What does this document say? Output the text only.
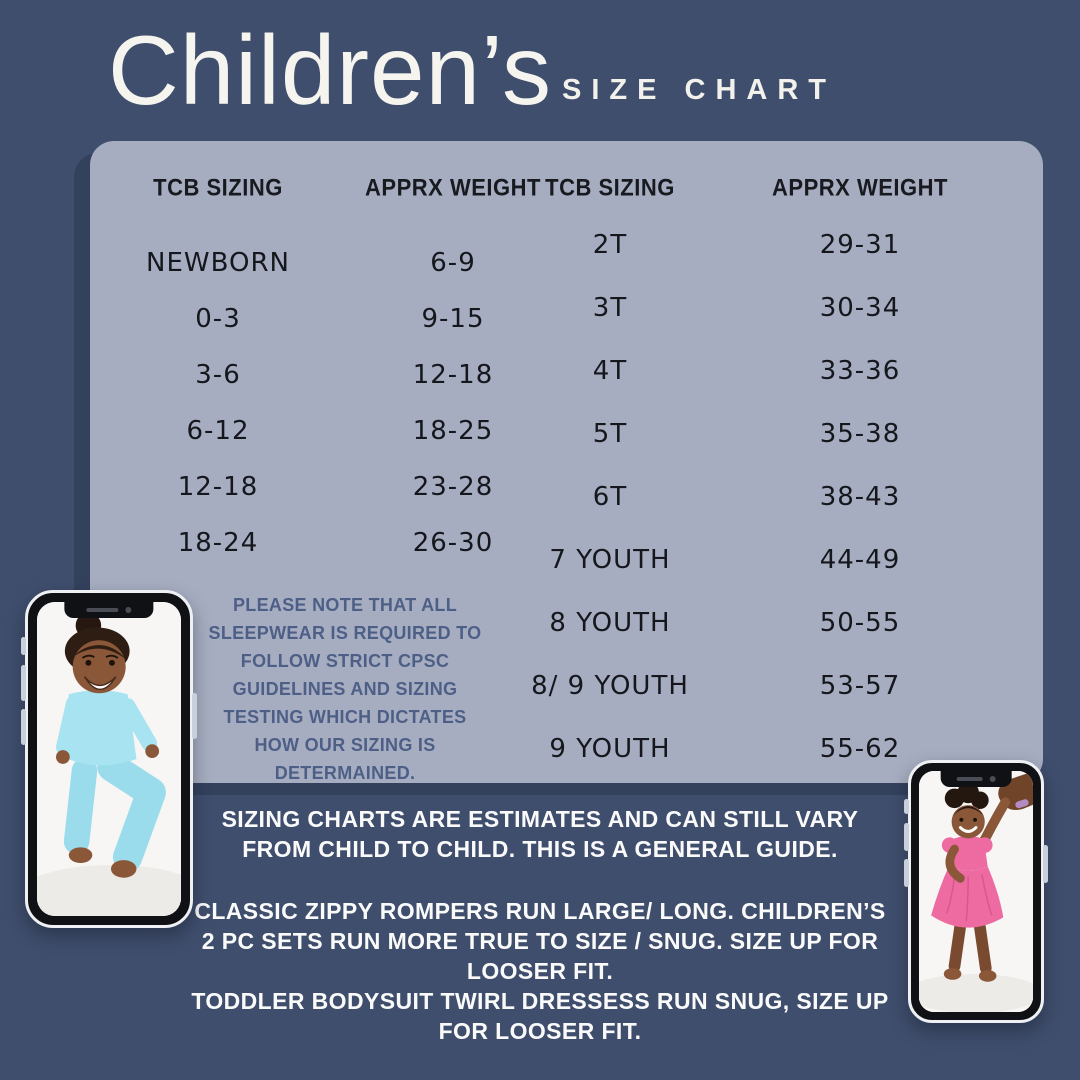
Children’s SIZE CHART
TCB SIZING	APPRX WEIGHT
NEWBORN	6-9
0-3	9-15
3-6	12-18
6-12	18-25
12-18	23-28
18-24	26-30
TCB SIZING	APPRX WEIGHT
2T	29-31
3T	30-34
4T	33-36
5T	35-38
6T	38-43
7 YOUTH	44-49
8 YOUTH	50-55
8/ 9 YOUTH	53-57
9 YOUTH	55-62
PLEASE NOTE THAT ALL
SLEEPWEAR IS REQUIRED TO
FOLLOW STRICT CPSC
GUIDELINES AND SIZING
TESTING WHICH DICTATES
HOW OUR SIZING IS
DETERMAINED.
SIZING CHARTS ARE ESTIMATES AND CAN STILL VARY
FROM CHILD TO CHILD. THIS IS A GENERAL GUIDE.
CLASSIC ZIPPY ROMPERS RUN LARGE/ LONG. CHILDREN’S
2 PC SETS RUN MORE TRUE TO SIZE / SNUG. SIZE UP FOR
LOOSER FIT.
TODDLER BODYSUIT TWIRL DRESSESS RUN SNUG, SIZE UP
FOR LOOSER FIT.
